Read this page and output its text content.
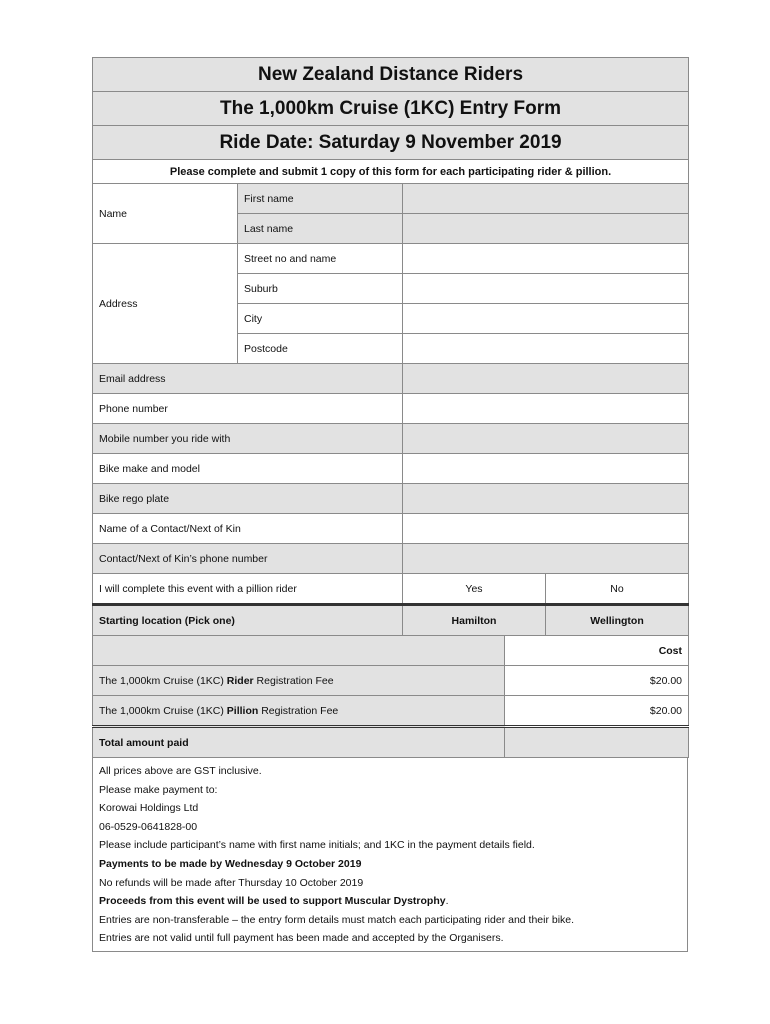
New Zealand Distance Riders				
The 1,000km Cruise (1KC) Entry Form				
Ride Date: Saturday 9 November 2019				
Please complete and submit 1 copy of this form for each participating rider & pillion.				
Name	First name			
	Last name			
Address	Street no and name			
	Suburb			
	City			
	Postcode			
Email address				
Phone number				
Mobile number you ride with				
Bike make and model				
Bike rego plate				
Name of a Contact/Next of Kin				
Contact/Next of Kin’s phone number				
I will complete this event with a pillion rider		Yes		No
Starting location (Pick one)		Hamilton		Wellington
			Cost	
The 1,000km Cruise (1KC) Rider Registration Fee			$20.00	
The 1,000km Cruise (1KC) Pillion Registration Fee			$20.00	
Total amount paid				
All prices above are GST inclusive.
Please make payment to:
Korowai Holdings Ltd
06-0529-0641828-00
Please include participant’s name with first name initials; and 1KC in the payment details field.
Payments to be made by Wednesday 9 October 2019
No refunds will be made after Thursday 10 October 2019
Proceeds from this event will be used to support Muscular Dystrophy.
Entries are non-transferable – the entry form details must match each participating rider and their bike.
Entries are not valid until full payment has been made and accepted by the Organisers.
